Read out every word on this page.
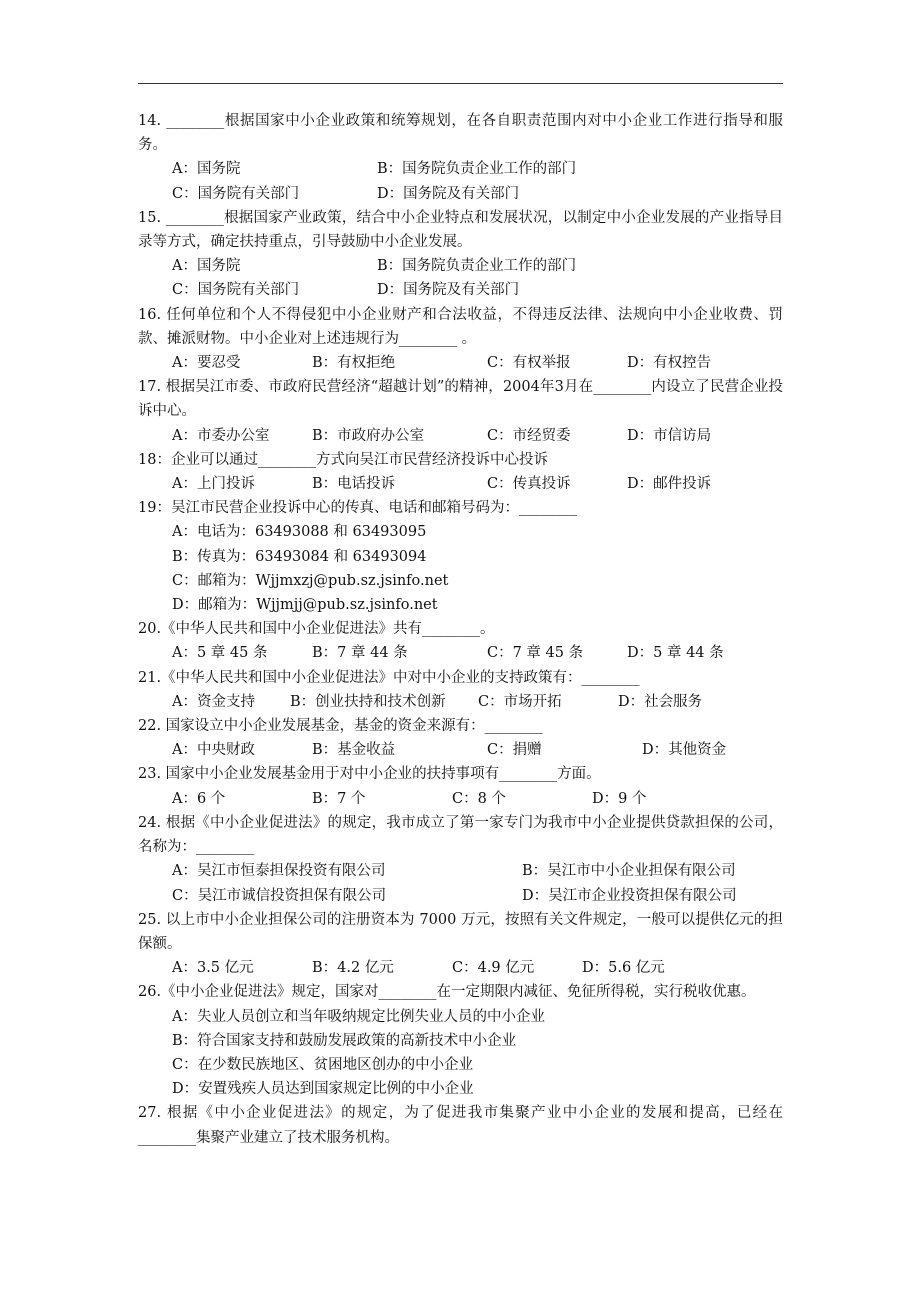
14. ________根据国家中小企业政策和统筹规划，在各自职责范围内对中小企业工作进行指导和服务。
A：国务院	B：国务院负责企业工作的部门
C：国务院有关部门	D：国务院及有关部门
15. ________根据国家产业政策，结合中小企业特点和发展状况，以制定中小企业发展的产业指导目录等方式，确定扶持重点，引导鼓励中小企业发展。
A：国务院	B：国务院负责企业工作的部门
C：国务院有关部门	D：国务院及有关部门
16. 任何单位和个人不得侵犯中小企业财产和合法收益，不得违反法律、法规向中小企业收费、罚款、摊派财物。中小企业对上述违规行为________ 。
A：要忍受	B：有权拒绝	C：有权举报	D：有权控告
17. 根据吴江市委、市政府民营经济“超越计划”的精神，2004年3月在________内设立了民营企业投诉中心。
A：市委办公室	B：市政府办公室	C：市经贸委	D：市信访局
18：企业可以通过________方式向吴江市民营经济投诉中心投诉
A：上门投诉	B：电话投诉	C：传真投诉	D：邮件投诉
19：吴江市民营企业投诉中心的传真、电话和邮箱号码为：________
A：电话为：63493088 和 63493095
B：传真为：63493084 和 63493094
C：邮箱为：Wjjmxzj@pub.sz.jsinfo.net
D：邮箱为：Wjjmjj@pub.sz.jsinfo.net
20.《中华人民共和国中小企业促进法》共有________。
A：5 章 45 条	B：7 章 44 条	C：7 章 45 条	D：5 章 44 条
21.《中华人民共和国中小企业促进法》中对中小企业的支持政策有：________
A：资金支持	B：创业扶持和技术创新	C：市场开拓	D：社会服务
22. 国家设立中小企业发展基金，基金的资金来源有：________
A：中央财政	B：基金收益	C：捐赠	D：其他资金
23. 国家中小企业发展基金用于对中小企业的扶持事项有________方面。
A：6 个	B：7 个	C：8 个	D：9 个
24. 根据《中小企业促进法》的规定，我市成立了第一家专门为我市中小企业提供贷款担保的公司，名称为：________
A：吴江市恒泰担保投资有限公司	B：吴江市中小企业担保有限公司
C：吴江市诚信投资担保有限公司	D：吴江市企业投资担保有限公司
25. 以上市中小企业担保公司的注册资本为 7000 万元，按照有关文件规定，一般可以提供亿元的担保额。
A：3.5 亿元	B：4.2 亿元	C：4.9 亿元	D：5.6 亿元
26.《中小企业促进法》规定，国家对________在一定期限内减征、免征所得税，实行税收优惠。
A：失业人员创立和当年吸纳规定比例失业人员的中小企业
B：符合国家支持和鼓励发展政策的高新技术中小企业
C：在少数民族地区、贫困地区创办的中小企业
D：安置残疾人员达到国家规定比例的中小企业
27. 根据《中小企业促进法》的规定，为了促进我市集聚产业中小企业的发展和提高，已经在________集聚产业建立了技术服务机构。
